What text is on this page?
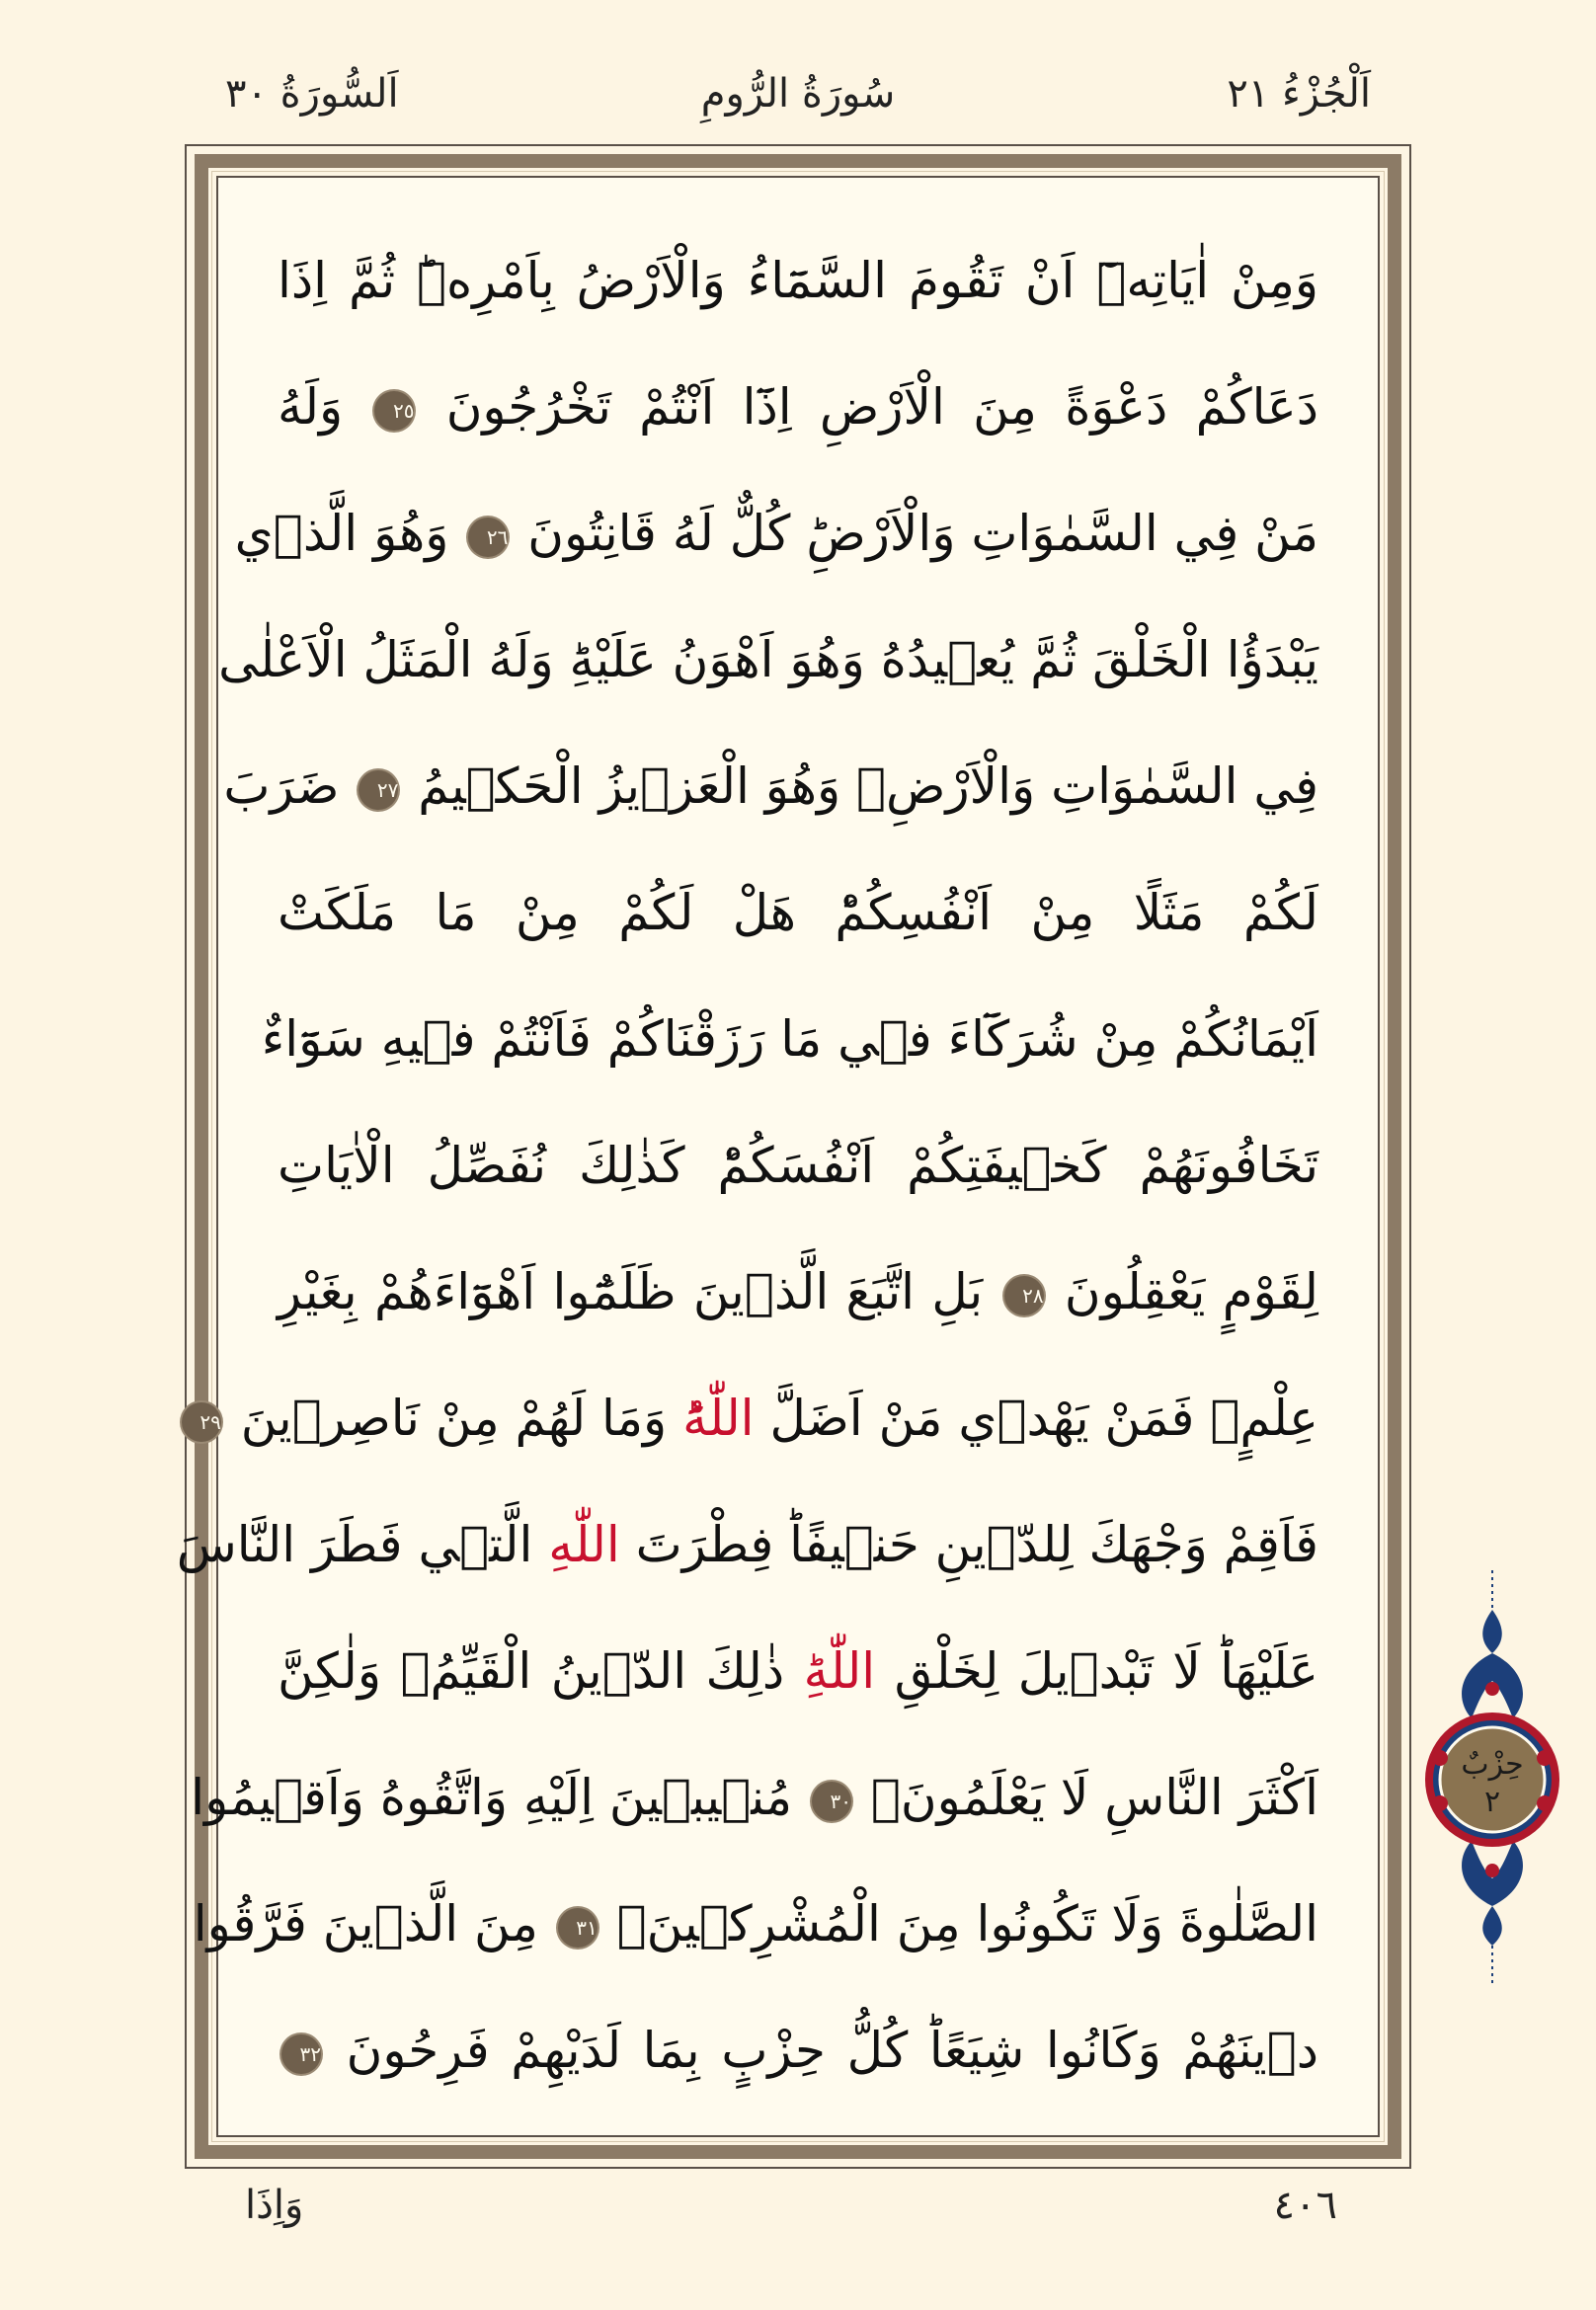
اَلْجُزْءُ ٢١
سُورَةُ الرُّومِ
اَلسُّورَةُ ٣٠
وَمِنْ اٰيَاتِهٖٓ اَنْ تَقُومَ السَّمَٓاءُ وَالْاَرْضُ بِاَمْرِهٖؕ ثُمَّ اِذَا
دَعَاكُمْ دَعْوَةً مِنَ الْاَرْضِ اِذَٓا اَنْتُمْ تَخْرُجُونَ ٢٥ وَلَهُ
مَنْ فِي السَّمٰوَاتِ وَالْاَرْضِؕ كُلٌّ لَهُ قَانِتُونَ ٢٦ وَهُوَ الَّذ۪ي
يَبْدَؤُا الْخَلْقَ ثُمَّ يُع۪يدُهُ وَهُوَ اَهْوَنُ عَلَيْهِؕ وَلَهُ الْمَثَلُ الْاَعْلٰى
فِي السَّمٰوَاتِ وَالْاَرْضِۚ وَهُوَ الْعَز۪يزُ الْحَك۪يمُ ٢٧ ضَرَبَ
لَكُمْ مَثَلًا مِنْ اَنْفُسِكُمْؕ هَلْ لَكُمْ مِنْ مَا مَلَكَتْ
اَيْمَانُكُمْ مِنْ شُرَكَٓاءَ ف۪ي مَا رَزَقْنَاكُمْ فَاَنْتُمْ ف۪يهِ سَوَٓاءٌ
تَخَافُونَهُمْ كَخ۪يفَتِكُمْ اَنْفُسَكُمْؕ كَذٰلِكَ نُفَصِّلُ الْاٰيَاتِ
لِقَوْمٍ يَعْقِلُونَ ٢٨ بَلِ اتَّبَعَ الَّذ۪ينَ ظَلَمُٓوا اَهْوَٓاءَهُمْ بِغَيْرِ
عِلْمٍۚ فَمَنْ يَهْد۪ي مَنْ اَضَلَّ اللّٰهُؕ وَمَا لَهُمْ مِنْ نَاصِر۪ينَ ٢٩
فَاَقِمْ وَجْهَكَ لِلدّ۪ينِ حَن۪يفًاؕ فِطْرَتَ اللّٰهِ الَّت۪ي فَطَرَ النَّاسَ
عَلَيْهَاؕ لَا تَبْد۪يلَ لِخَلْقِ اللّٰهِؕ ذٰلِكَ الدّ۪ينُ الْقَيِّمُۙ وَلٰكِنَّ
اَكْثَرَ النَّاسِ لَا يَعْلَمُونَۙ ٣٠ مُن۪يب۪ينَ اِلَيْهِ وَاتَّقُوهُ وَاَق۪يمُوا
الصَّلٰوةَ وَلَا تَكُونُوا مِنَ الْمُشْرِك۪ينَۙ ٣١ مِنَ الَّذ۪ينَ فَرَّقُوا
د۪ينَهُمْ وَكَانُوا شِيَعًاؕ كُلُّ حِزْبٍ بِمَا لَدَيْهِمْ فَرِحُونَ ٣٢
حِزْبٌ
٢
٤٠٦
وَاِذَا
